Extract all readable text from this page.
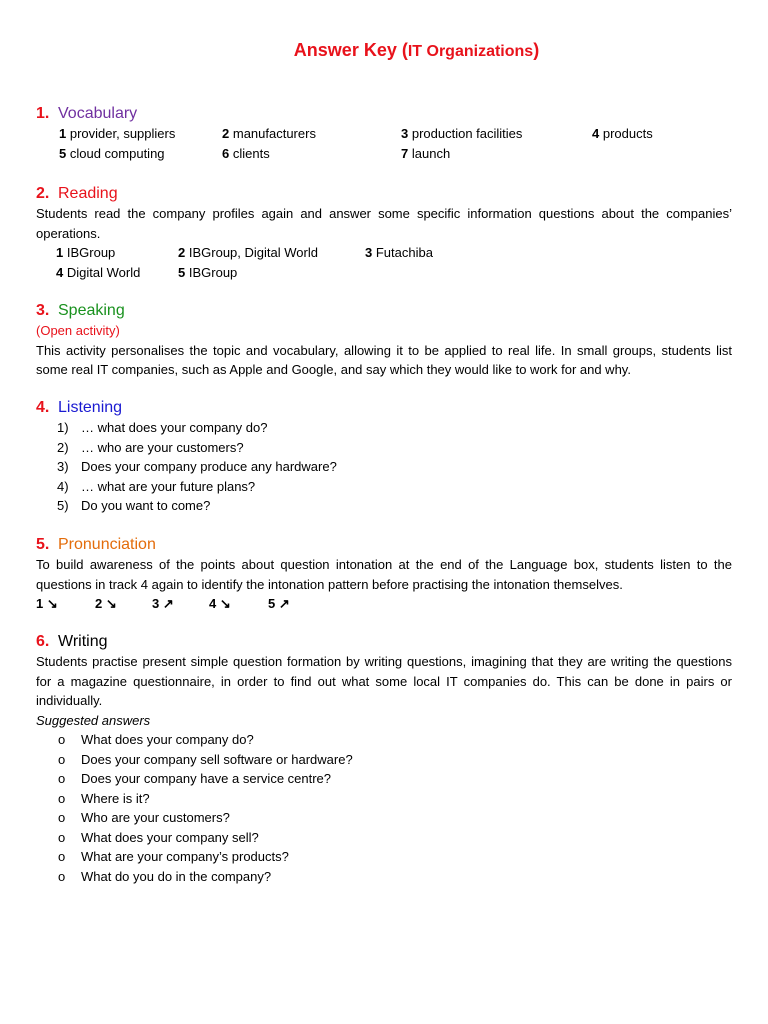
Answer Key (IT Organizations)
1. Vocabulary
1 provider, suppliers	2 manufacturers	3 production facilities	4 products
5 cloud computing	6 clients	7 launch
2. Reading
Students read the company profiles again and answer some specific information questions about the companies’ operations.
1 IBGroup	2 IBGroup, Digital World	3 Futachiba
4 Digital World	5 IBGroup
3. Speaking
(Open activity)
This activity personalises the topic and vocabulary, allowing it to be applied to real life. In small groups, students list some real IT companies, such as Apple and Google, and say which they would like to work for and why.
4. Listening
1) … what does your company do?
2) … who are your customers?
3) Does your company produce any hardware?
4) … what are your future plans?
5) Do you want to come?
5. Pronunciation
To build awareness of the points about question intonation at the end of the Language box, students listen to the questions in track 4 again to identify the intonation pattern before practising the intonation themselves.
1 ↘	2 ↘	3 ↗	4 ↘	5 ↗
6. Writing
Students practise present simple question formation by writing questions, imagining that they are writing the questions for a magazine questionnaire, in order to find out what some local IT companies do. This can be done in pairs or individually.
Suggested answers
o What does your company do?
o Does your company sell software or hardware?
o Does your company have a service centre?
o Where is it?
o Who are your customers?
o What does your company sell?
o What are your company’s products?
o What do you do in the company?
